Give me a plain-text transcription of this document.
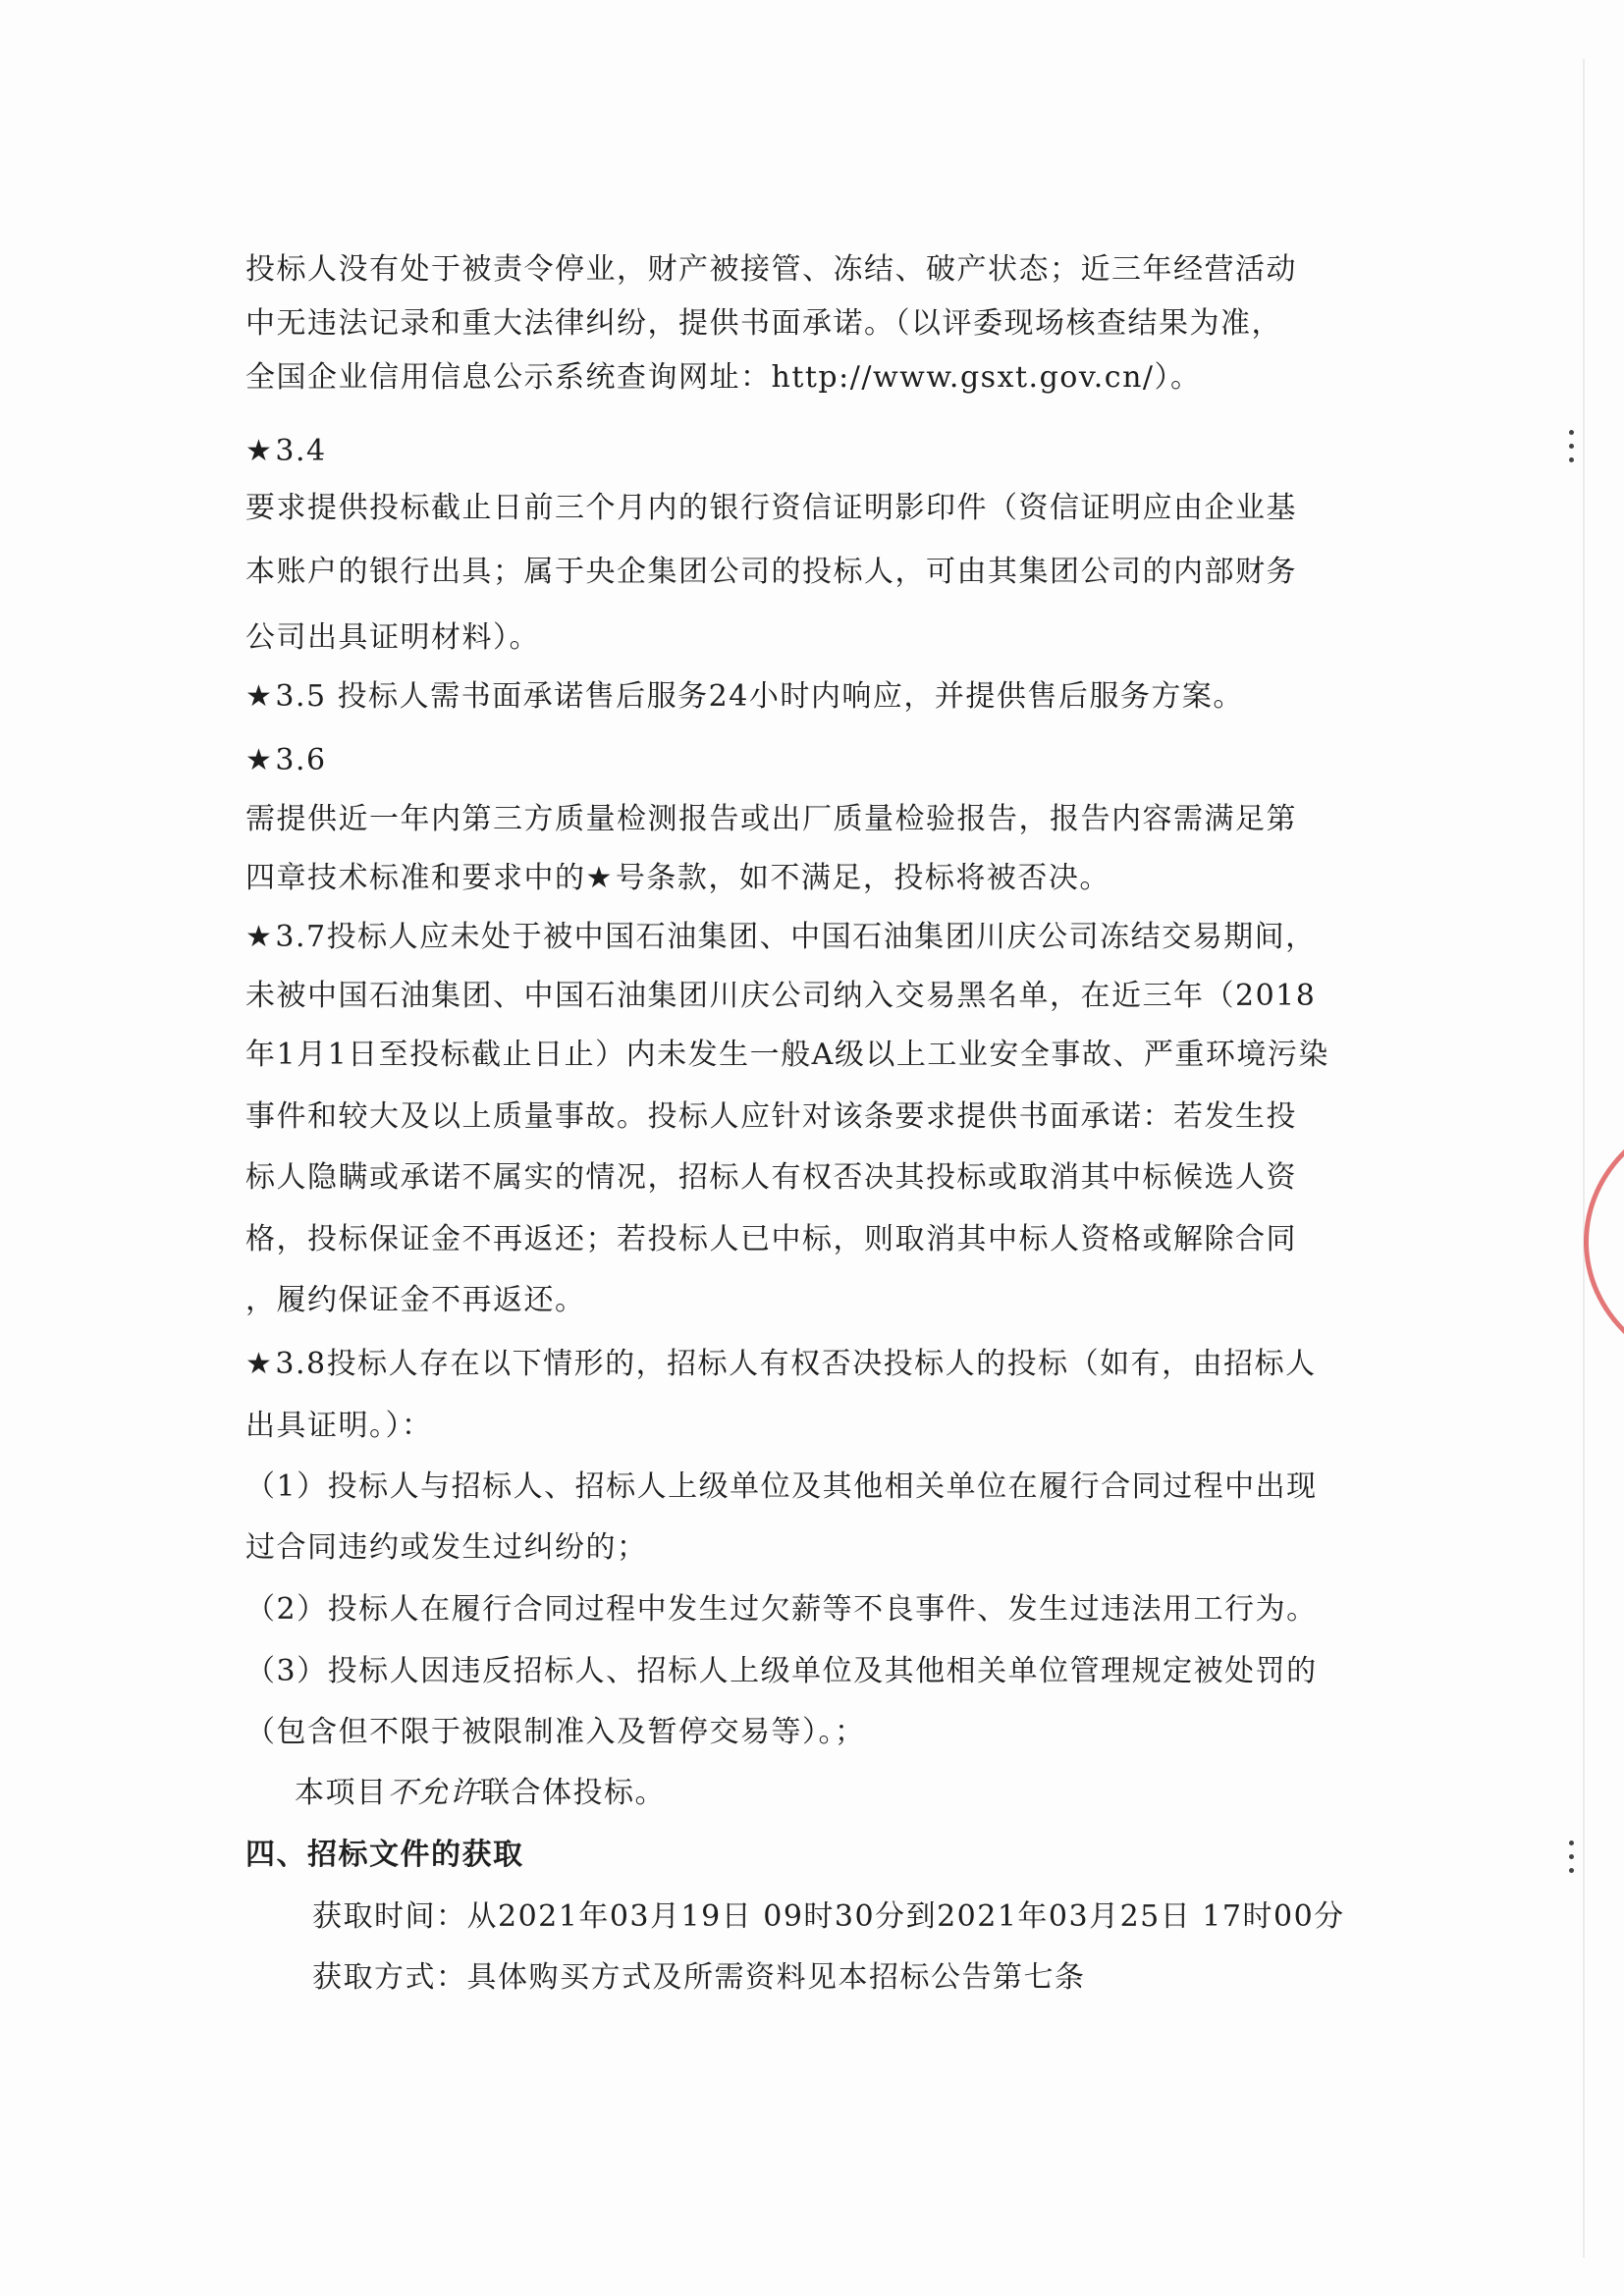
投标人没有处于被责令停业，财产被接管、冻结、破产状态；近三年经营活动
中无违法记录和重大法律纠纷，提供书面承诺。（以评委现场核查结果为准，
全国企业信用信息公示系统查询网址：http://www.gsxt.gov.cn/）。
★3.4
要求提供投标截止日前三个月内的银行资信证明影印件（资信证明应由企业基
本账户的银行出具；属于央企集团公司的投标人，可由其集团公司的内部财务
公司出具证明材料）。
★3.5 投标人需书面承诺售后服务24小时内响应，并提供售后服务方案。
★3.6
需提供近一年内第三方质量检测报告或出厂质量检验报告，报告内容需满足第
四章技术标准和要求中的★号条款，如不满足，投标将被否决。
★3.7投标人应未处于被中国石油集团、中国石油集团川庆公司冻结交易期间，
未被中国石油集团、中国石油集团川庆公司纳入交易黑名单，在近三年（2018
年1月1日至投标截止日止）内未发生一般A级以上工业安全事故、严重环境污染
事件和较大及以上质量事故。投标人应针对该条要求提供书面承诺：若发生投
标人隐瞒或承诺不属实的情况，招标人有权否决其投标或取消其中标候选人资
格，投标保证金不再返还；若投标人已中标，则取消其中标人资格或解除合同
，履约保证金不再返还。
★3.8投标人存在以下情形的，招标人有权否决投标人的投标（如有，由招标人
出具证明。）：
（1）投标人与招标人、招标人上级单位及其他相关单位在履行合同过程中出现
过合同违约或发生过纠纷的；
（2）投标人在履行合同过程中发生过欠薪等不良事件、发生过违法用工行为。
（3）投标人因违反招标人、招标人上级单位及其他相关单位管理规定被处罚的
（包含但不限于被限制准入及暂停交易等）。；
本项目不允许联合体投标。
四、招标文件的获取
获取时间：从2021年03月19日 09时30分到2021年03月25日 17时00分
获取方式：具体购买方式及所需资料见本招标公告第七条
